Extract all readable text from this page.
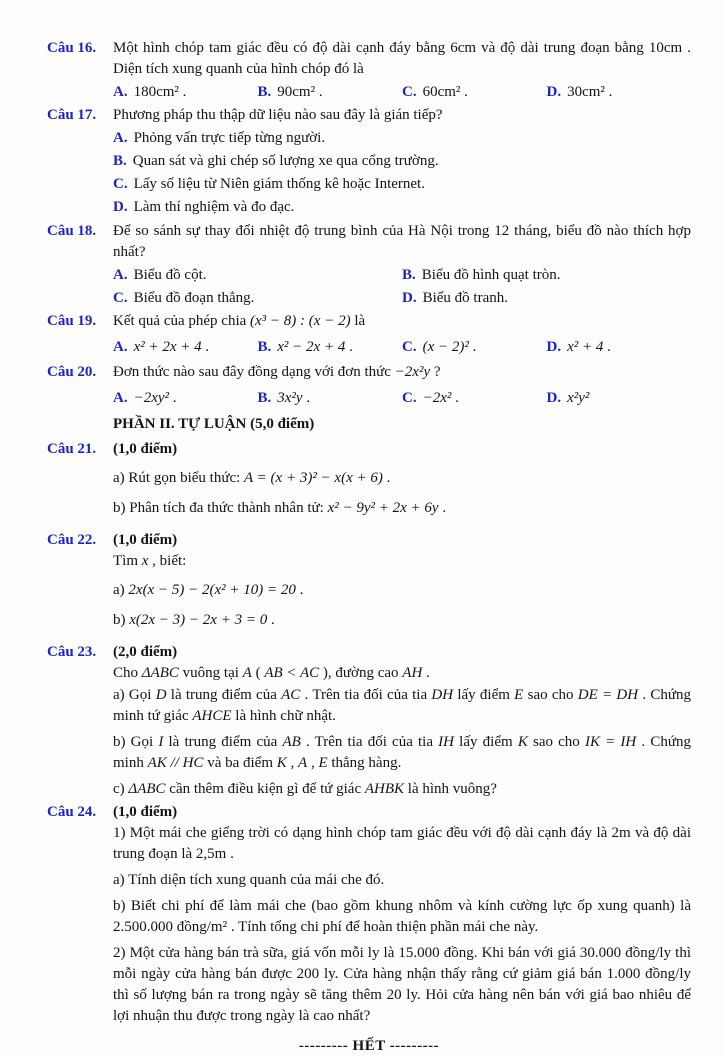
Câu 16.	Một hình chóp tam giác đều có độ dài cạnh đáy bằng 6cm và độ dài trung đoạn bằng 10cm . Diện tích xung quanh của hình chóp đó là

A. 180cm² .	B. 90cm² .	C. 60cm² .	D. 30cm² .
Câu 17.	Phương pháp thu thập dữ liệu nào sau đây là gián tiếp?

A. Phỏng vấn trực tiếp từng người.
B. Quan sát và ghi chép số lượng xe qua cổng trường.
C. Lấy số liệu từ Niên giám thống kê hoặc Internet.
D. Làm thí nghiệm và đo đạc.
Câu 18.	Để so sánh sự thay đổi nhiệt độ trung bình của Hà Nội trong 12 tháng, biểu đồ nào thích hợp nhất?

A. Biểu đồ cột.	B. Biểu đồ hình quạt tròn.
C. Biểu đồ đoạn thẳng.	D. Biểu đồ tranh.
Câu 19.	Kết quả của phép chia (x³ − 8) : (x − 2) là

A. x² + 2x + 4 .	B. x² − 2x + 4 .	C. (x − 2)² .	D. x² + 4 .
Câu 20.	Đơn thức nào sau đây đồng dạng với đơn thức −2x²y ?

A. −2xy² .	B. 3x²y .	C. −2x² .	D. x²y²

PHẦN II. TỰ LUẬN (5,0 điểm)

Câu 21.	(1,0 điểm)

a) Rút gọn biểu thức: A = (x + 3)² − x(x + 6) .

b) Phân tích đa thức thành nhân tử: x² − 9y² + 2x + 6y .

Câu 22.	(1,0 điểm)

Tìm x , biết:

a) 2x(x − 5) − 2(x² + 10) = 20 .

b) x(2x − 3) − 2x + 3 = 0 .

Câu 23.	(2,0 điểm)

Cho ΔABC vuông tại A ( AB < AC ), đường cao AH .

a) Gọi D là trung điểm của AC . Trên tia đối của tia DH lấy điểm E sao cho DE = DH . Chứng minh tứ giác AHCE là hình chữ nhật.

b) Gọi I là trung điểm của AB . Trên tia đối của tia IH lấy điểm K sao cho IK = IH . Chứng minh AK // HC và ba điểm K , A , E thẳng hàng.

c) ΔABC cần thêm điều kiện gì để tứ giác AHBK là hình vuông?

Câu 24.	(1,0 điểm)

1) Một mái che giếng trời có dạng hình chóp tam giác đều với độ dài cạnh đáy là 2m và độ dài trung đoạn là 2,5m .

a) Tính diện tích xung quanh của mái che đó.

b) Biết chi phí để làm mái che (bao gồm khung nhôm và kính cường lực ốp xung quanh) là 2.500.000 đồng/m² . Tính tổng chi phí để hoàn thiện phần mái che này.

2) Một cửa hàng bán trà sữa, giá vốn mỗi ly là 15.000 đồng. Khi bán với giá 30.000 đồng/ly thì mỗi ngày cửa hàng bán được 200 ly. Cửa hàng nhận thấy rằng cứ giảm giá bán 1.000 đồng/ly thì số lượng bán ra trong ngày sẽ tăng thêm 20 ly. Hỏi cửa hàng nên bán với giá bao nhiêu để lợi nhuận thu được trong ngày là cao nhất?

--------- HẾT ---------
